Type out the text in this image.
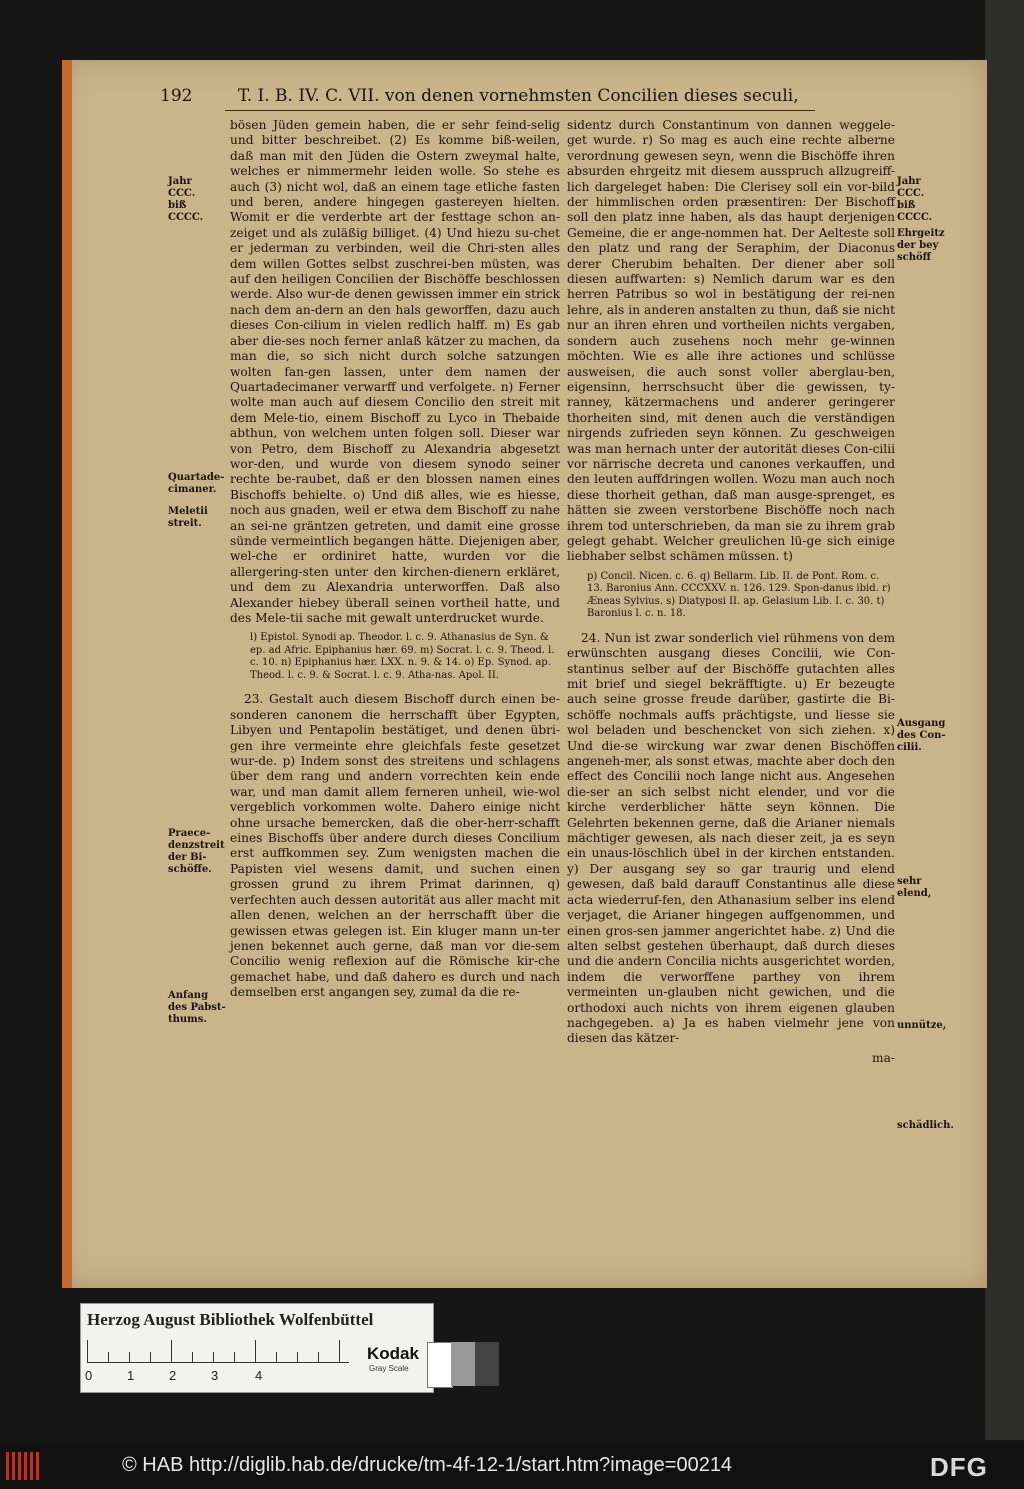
192	T. I. B. IV. C. VII. von denen vornehmsten Concilien dieses seculi,
Jahr
CCC.
biß
CCCC.
Quartade-
cimaner.
Meletii
streit.
Praece-
denzstreit
der Bi-
schöffe.
Anfang
des Pabst-
thums.
Jahr
CCC.
biß
CCCC.
Ehrgeitz
der bey
schöff
Ausgang
des Con-
cilii.
sehr elend,
unnütze,
schädlich.

bösen Jüden gemein haben, die er sehr feind-selig und bitter beschreibet. (2) Es komme biß-weilen, daß man mit den Jüden die Ostern zweymal halte, welches er nimmermehr leiden wolle. So stehe es auch (3) nicht wol, daß an einem tage etliche fasten und beren, andere hingegen gastereyen hielten. Womit er die verderbte art der festtage schon an-zeiget und als zuläßig billiget. (4) Und hiezu su-chet er jederman zu verbinden, weil die Chri-sten alles dem willen Gottes selbst zuschrei-ben müsten, was auf den heiligen Concilien der Bischöffe beschlossen werde. Also wur-de denen gewissen immer ein strick nach dem an-dern an den hals geworffen, dazu auch dieses Con-cilium in vielen redlich halff. m) Es gab aber die-ses noch ferner anlaß kätzer zu machen, da man die, so sich nicht durch solche satzungen wolten fan-gen lassen, unter dem namen der Quartadecimaner verwarff und verfolgete. n) Ferner wolte man auch auf diesem Concilio den streit mit dem Mele-tio, einem Bischoff zu Lyco in Thebaide abthun, von welchem unten folgen soll. Dieser war von Petro, dem Bischoff zu Alexandria abgesetzt wor-den, und wurde von diesem synodo seiner rechte be-raubet, daß er den blossen namen eines Bischoffs behielte. o) Und diß alles, wie es hiesse, noch aus gnaden, weil er etwa dem Bischoff zu nahe an sei-ne gräntzen getreten, und damit eine grosse sünde vermeintlich begangen hätte. Diejenigen aber, wel-che er ordiniret hatte, wurden vor die allergering-sten unter den kirchen-dienern erkläret, und dem zu Alexandria unterworffen. Daß also Alexander hiebey überall seinen vortheil hatte, und des Mele-tii sache mit gewalt unterdrucket wurde.

l) Epistol. Synodi ap. Theodor. l. c. 9. Athanasius de Syn. & ep. ad Afric. Epiphanius hær. 69. m) Socrat. l. c. 9. Theod. l. c. 10. n) Epiphanius hær. LXX. n. 9. & 14. o) Ep. Synod. ap. Theod. l. c. 9. & Socrat. l. c. 9. Atha-nas. Apol. II.

23. Gestalt auch diesem Bischoff durch einen be-sonderen canonem die herrschafft über Egypten, Libyen und Pentapolin bestätiget, und denen übri-gen ihre vermeinte ehre gleichfals feste gesetzet wur-de. p) Indem sonst des streitens und schlagens über dem rang und andern vorrechten kein ende war, und man damit allem ferneren unheil, wie-wol vergeblich vorkommen wolte. Dahero einige nicht ohne ursache bemercken, daß die ober-herr-schafft eines Bischoffs über andere durch dieses Concilium erst auffkommen sey. Zum wenigsten machen die Papisten viel wesens damit, und suchen einen grossen grund zu ihrem Primat darinnen, q) verfechten auch dessen autorität aus aller macht mit allen denen, welchen an der herrschafft über die gewissen etwas gelegen ist. Ein kluger mann un-ter jenen bekennet auch gerne, daß man vor die-sem Concilio wenig reflexion auf die Römische kir-che gemachet habe, und daß dahero es durch und nach demselben erst angangen sey, zumal da die re-

sidentz durch Constantinum von dannen weggele-get wurde. r) So mag es auch eine rechte alberne verordnung gewesen seyn, wenn die Bischöffe ihren absurden ehrgeitz mit diesem ausspruch allzugreiff-lich dargeleget haben: Die Clerisey soll ein vor-bild der himmlischen orden præsentiren: Der Bischoff soll den platz inne haben, als das haupt derjenigen Gemeine, die er ange-nommen hat. Der Aelteste soll den platz und rang der Seraphim, der Diaconus derer Cherubim behalten. Der diener aber soll diesen auffwarten: s) Nemlich darum war es den herren Patribus so wol in bestätigung der rei-nen lehre, als in anderen anstalten zu thun, daß sie nicht nur an ihren ehren und vortheilen nichts vergaben, sondern auch zusehens noch mehr ge-winnen möchten. Wie es alle ihre actiones und schlüsse ausweisen, die auch sonst voller aberglau-ben, eigensinn, herrschsucht über die gewissen, ty-ranney, kätzermachens und anderer geringerer thorheiten sind, mit denen auch die verständigen nirgends zufrieden seyn können. Zu geschweigen was man hernach unter der autorität dieses Con-cilii vor närrische decreta und canones verkauffen, und den leuten auffdringen wollen. Wozu man auch noch diese thorheit gethan, daß man ausge-sprenget, es hätten sie zween verstorbene Bischöffe noch nach ihrem tod unterschrieben, da man sie zu ihrem grab gelegt gehabt. Welcher greulichen lü-ge sich einige liebhaber selbst schämen müssen. t)

p) Concil. Nicen. c. 6. q) Bellarm. Lib. II. de Pont. Rom. c. 13. Baronius Ann. CCCXXV. n. 126. 129. Spon-danus ibid. r) Æneas Sylvius. s) Diatyposi II. ap. Gelasium Lib. I. c. 30. t) Baronius l. c. n. 18.

24. Nun ist zwar sonderlich viel rühmens von dem erwünschten ausgang dieses Concilii, wie Con-stantinus selber auf der Bischöffe gutachten alles mit brief und siegel bekräfftigte. u) Er bezeugte auch seine grosse freude darüber, gastirte die Bi-schöffe nochmals auffs prächtigste, und liesse sie wol beladen und beschencket von sich ziehen. x) Und die-se wirckung war zwar denen Bischöffen angeneh-mer, als sonst etwas, machte aber doch den effect des Concilii noch lange nicht aus. Angesehen die-ser an sich selbst nicht elender, und vor die kirche verderblicher hätte seyn können. Die Gelehrten bekennen gerne, daß die Arianer niemals mächtiger gewesen, als nach dieser zeit, ja es seyn ein unaus-löschlich übel in der kirchen entstanden. y) Der ausgang sey so gar traurig und elend gewesen, daß bald darauff Constantinus alle diese acta wiederruf-fen, den Athanasium selber ins elend verjaget, die Arianer hingegen auffgenommen, und einen gros-sen jammer angerichtet habe. z) Und die alten selbst gestehen überhaupt, daß durch dieses und die andern Concilia nichts ausgerichtet worden, indem die verworffene parthey von ihrem vermeinten un-glauben nicht gewichen, und die orthodoxi auch nichts von ihrem eigenen glauben nachgegeben. a) Ja es haben vielmehr jene von diesen das kätzer-

ma-

Herzog August Bibliothek Wolfenbüttel
0	1	2	3	4
Kodak
Gray Scale
© HAB http://diglib.hab.de/drucke/tm-4f-12-1/start.htm?image=00214	DFG
